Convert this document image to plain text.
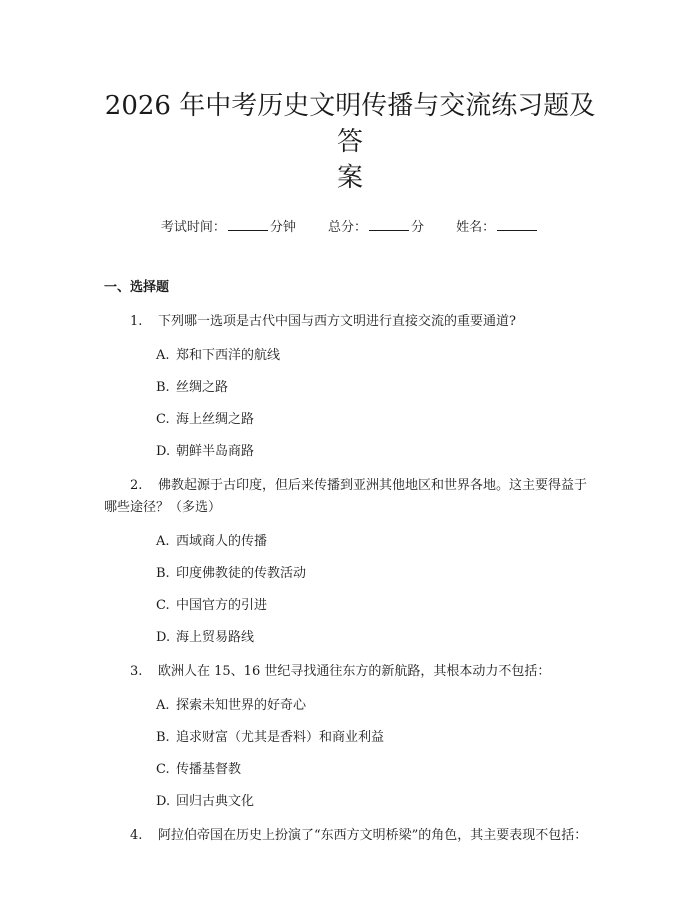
2026 年中考历史文明传播与交流练习题及答
案
考试时间：	分钟 总分：	分 姓名：
一、选择题
1. 下列哪一选项是古代中国与西方文明进行直接交流的重要通道?
A. 郑和下西洋的航线
B. 丝绸之路
C. 海上丝绸之路
D. 朝鲜半岛商路
2. 佛教起源于古印度，但后来传播到亚洲其他地区和世界各地。这主要得益于哪些途径？（多选）
A. 西域商人的传播
B. 印度佛教徒的传教活动
C. 中国官方的引进
D. 海上贸易路线
3. 欧洲人在 15、16 世纪寻找通往东方的新航路，其根本动力不包括：
A. 探索未知世界的好奇心
B. 追求财富（尤其是香料）和商业利益
C. 传播基督教
D. 回归古典文化
4. 阿拉伯帝国在历史上扮演了“东西方文明桥梁”的角色，其主要表现不包括：
